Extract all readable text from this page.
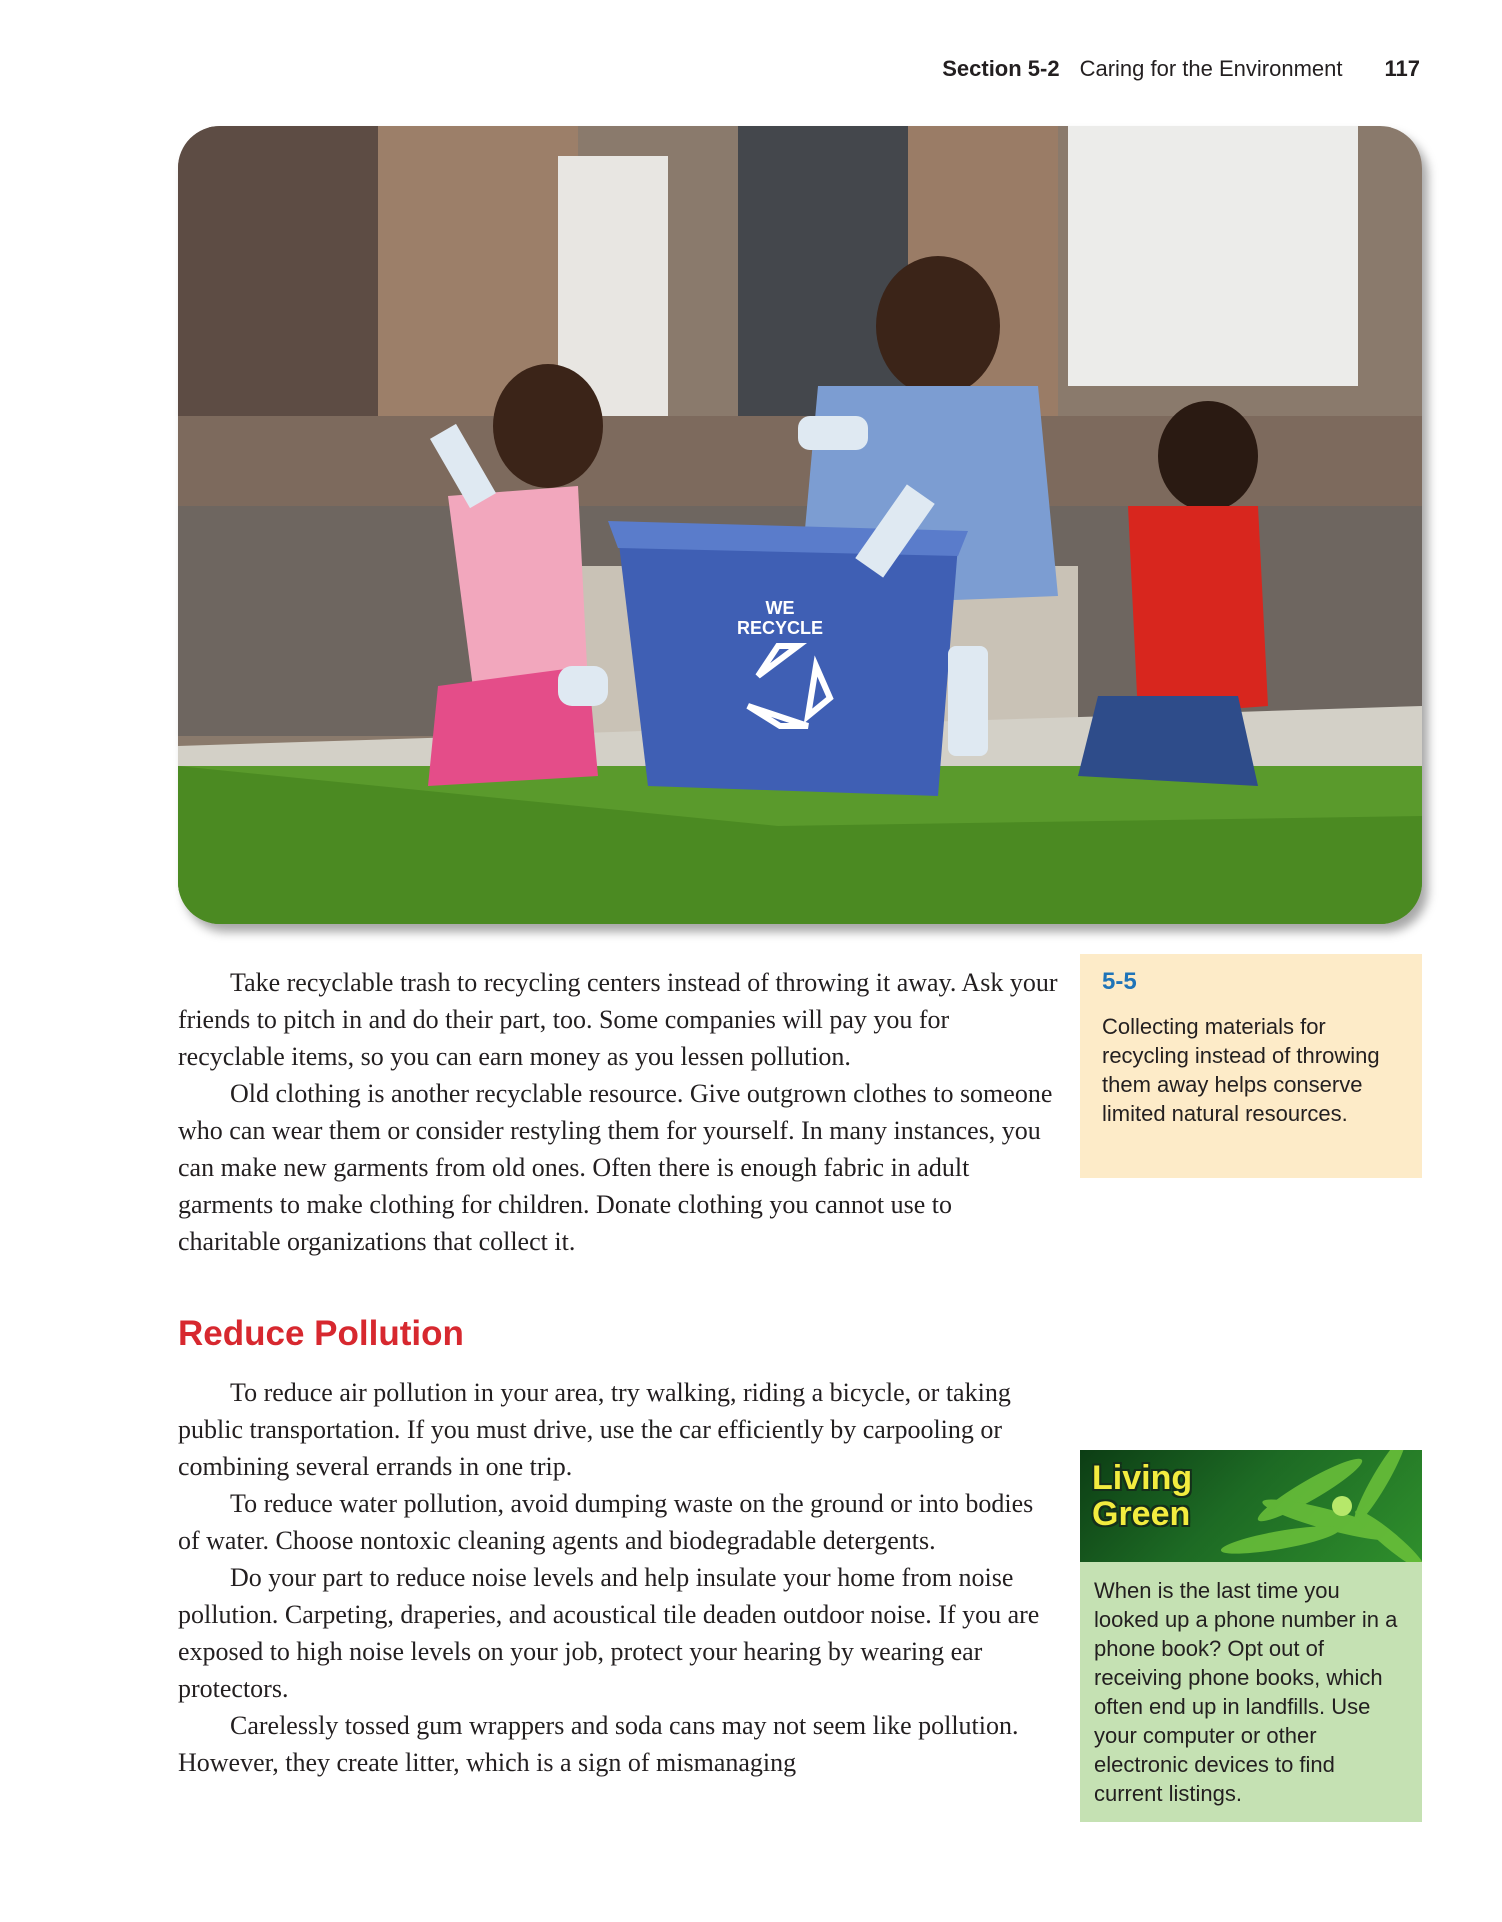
Section 5-2 Caring for the Environment 117
WE
RECYCLE

Take recyclable trash to recycling centers instead of throwing it away. Ask your friends to pitch in and do their part, too. Some companies will pay you for recyclable items, so you can earn money as you lessen pollution.

Old clothing is another recyclable resource. Give outgrown clothes to someone who can wear them or consider restyling them for yourself. In many instances, you can make new garments from old ones. Often there is enough fabric in adult garments to make clothing for children. Donate clothing you cannot use to charitable organizations that collect it.

Reduce Pollution

To reduce air pollution in your area, try walking, riding a bicycle, or taking public transportation. If you must drive, use the car efficiently by carpooling or combining several errands in one trip.

To reduce water pollution, avoid dumping waste on the ground or into bodies of water. Choose nontoxic cleaning agents and biodegradable detergents.

Do your part to reduce noise levels and help insulate your home from noise pollution. Carpeting, draperies, and acoustical tile deaden outdoor noise. If you are exposed to high noise levels on your job, protect your hearing by wearing ear protectors.

Carelessly tossed gum wrappers and soda cans may not seem like pollution. However, they create litter, which is a sign of mismanaging

5-5
Collecting materials for recycling instead of throwing them away helps conserve limited natural resources.
Living
Green
When is the last time you looked up a phone number in a phone book? Opt out of receiving phone books, which often end up in landfills. Use your computer or other electronic devices to find current listings.
